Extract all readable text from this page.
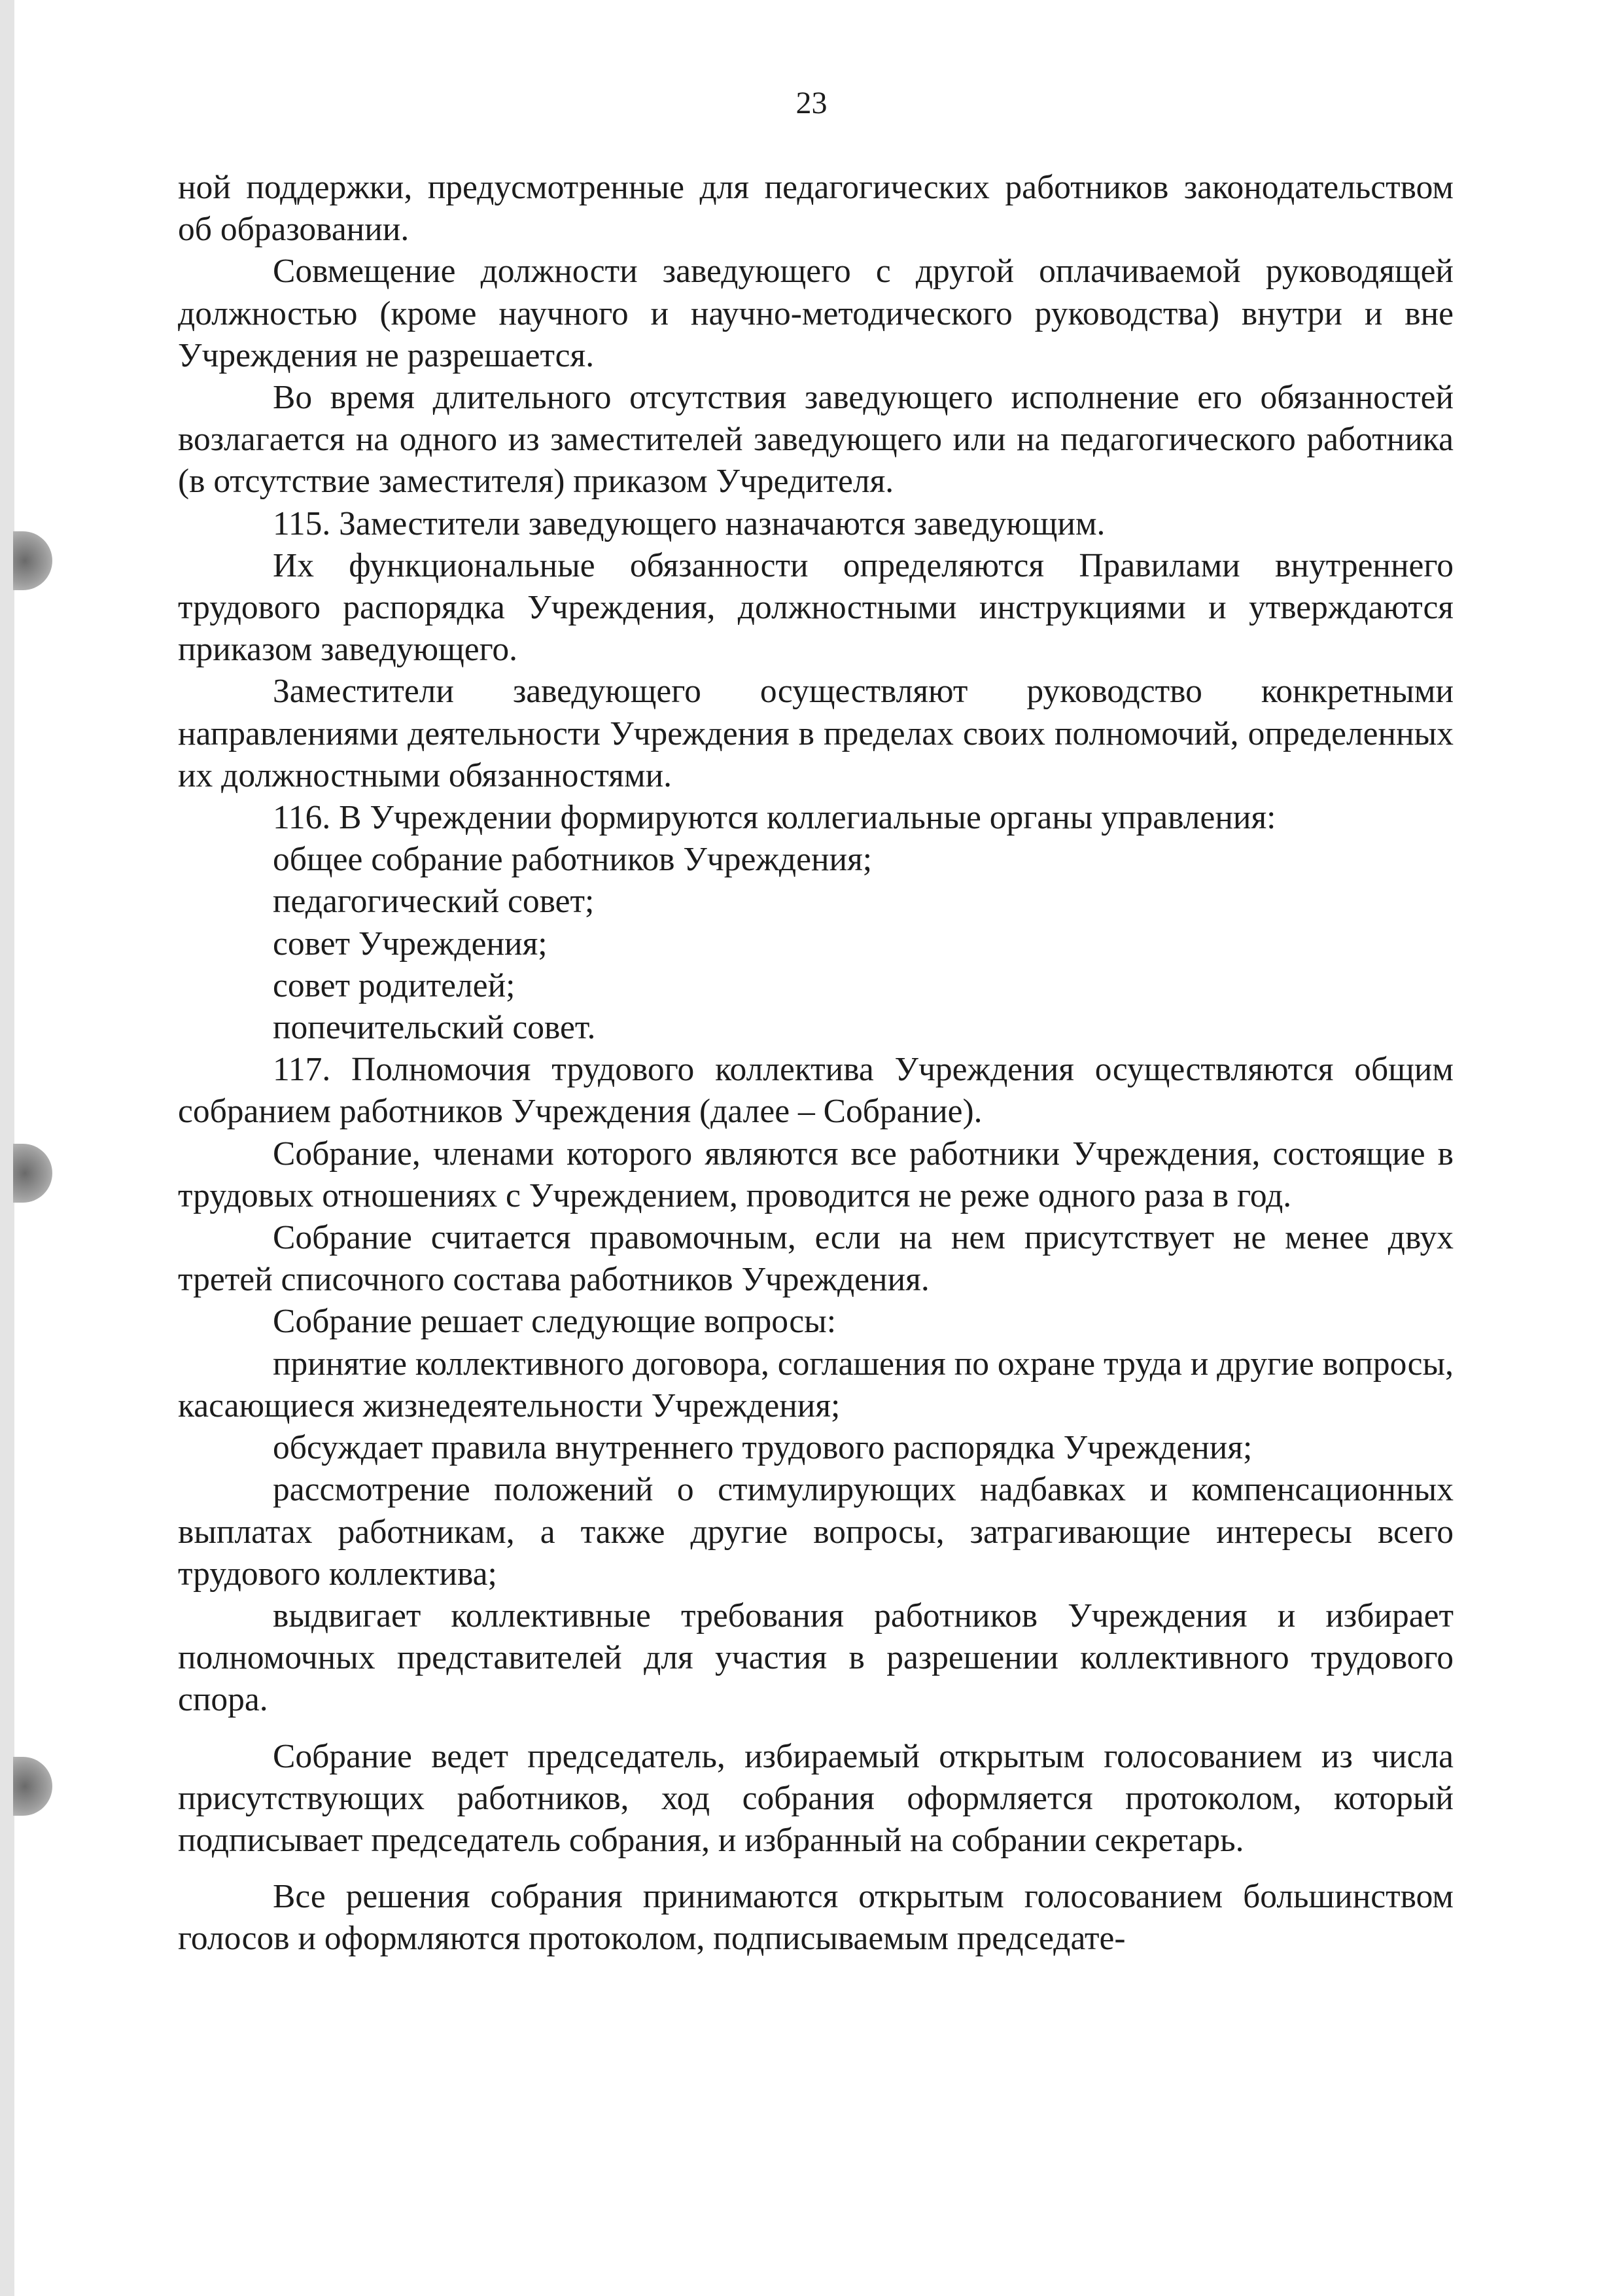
23

ной поддержки, предусмотренные для педагогических работников законодательством об образовании.

Совмещение должности заведующего с другой оплачиваемой руководящей должностью (кроме научного и научно-методического руководства) внутри и вне Учреждения не разрешается.

Во время длительного отсутствия заведующего исполнение его обязанностей возлагается на одного из заместителей заведующего или на педагогического работника (в отсутствие заместителя) приказом Учредителя.

115. Заместители заведующего назначаются заведующим.

Их функциональные обязанности определяются Правилами внутреннего трудового распорядка Учреждения, должностными инструкциями и утверждаются приказом заведующего.

Заместители заведующего осуществляют руководство конкретными направлениями деятельности Учреждения в пределах своих полномочий, определенных их должностными обязанностями.

116. В Учреждении формируются коллегиальные органы управления:

общее собрание работников Учреждения;

педагогический совет;

совет Учреждения;

совет родителей;

попечительский совет.

117. Полномочия трудового коллектива Учреждения осуществляются общим собранием работников Учреждения (далее – Собрание).

Собрание, членами которого являются все работники Учреждения, состоящие в трудовых отношениях с Учреждением, проводится не реже одного раза в год.

Собрание считается правомочным, если на нем присутствует не менее двух третей списочного состава работников Учреждения.

Собрание решает следующие вопросы:

принятие коллективного договора, соглашения по охране труда и другие вопросы, касающиеся жизнедеятельности Учреждения;

обсуждает правила внутреннего трудового распорядка Учреждения;

рассмотрение положений о стимулирующих надбавках и компенсационных выплатах работникам, а также другие вопросы, затрагивающие интересы всего трудового коллектива;

выдвигает коллективные требования работников Учреждения и избирает полномочных представителей для участия в разрешении коллективного трудового спора.

Собрание ведет председатель, избираемый открытым голосованием из числа присутствующих работников, ход собрания оформляется протоколом, который подписывает председатель собрания, и избранный на собрании секретарь.

Все решения собрания принимаются открытым голосованием большинством голосов и оформляются протоколом, подписываемым председате-
